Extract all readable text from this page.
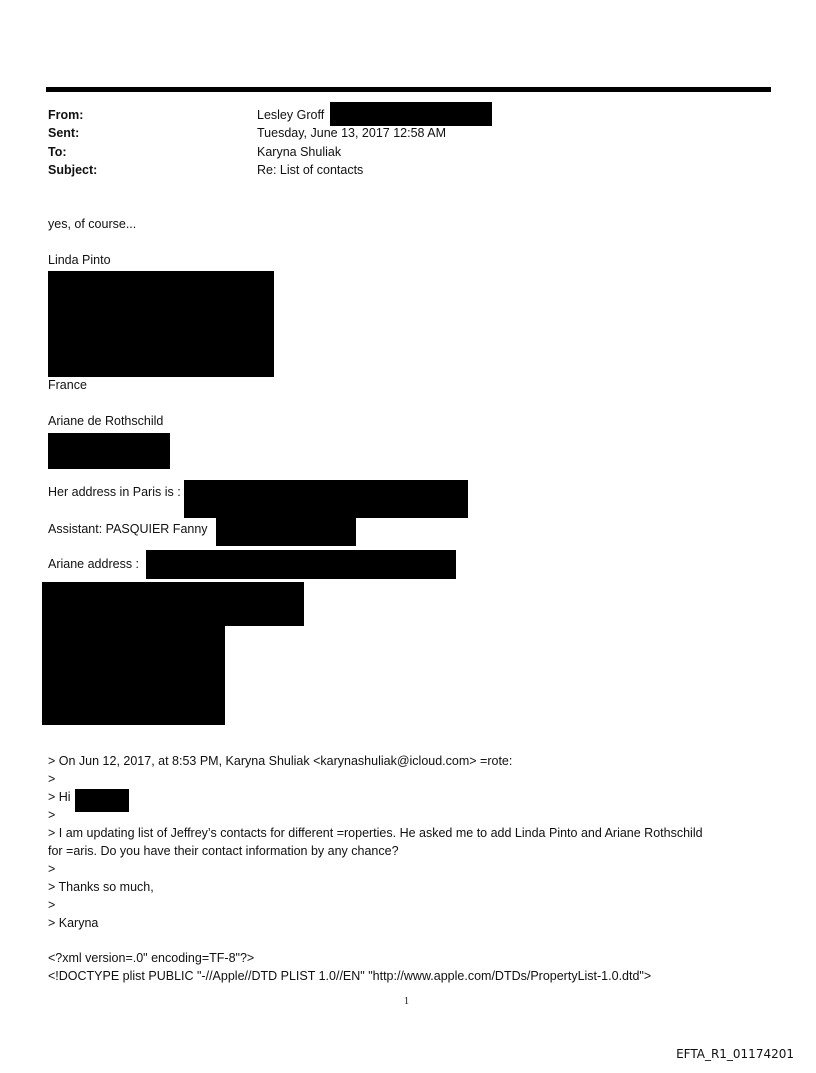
From:	Lesley Groff
Sent:	Tuesday, June 13, 2017 12:58 AM
To:	Karyna Shuliak
Subject:	Re: List of contacts
yes, of course...
Linda Pinto
France
Ariane de Rothschild
Her address in Paris is :
Assistant: PASQUIER Fanny
Ariane address :
> On Jun 12, 2017, at 8:53 PM, Karyna Shuliak <karynashuliak@icloud.com> =rote:
>
> Hi
>
> I am updating list of Jeffrey’s contacts for different =roperties. He asked me to add Linda Pinto and Ariane Rothschild
for =aris. Do you have their contact information by any chance?
>
> Thanks so much,
>
> Karyna
<?xml version=.0" encoding=TF-8"?>
<!DOCTYPE plist PUBLIC "-//Apple//DTD PLIST 1.0//EN" "http://www.apple.com/DTDs/PropertyList-1.0.dtd">
1
EFTA_R1_01174201
